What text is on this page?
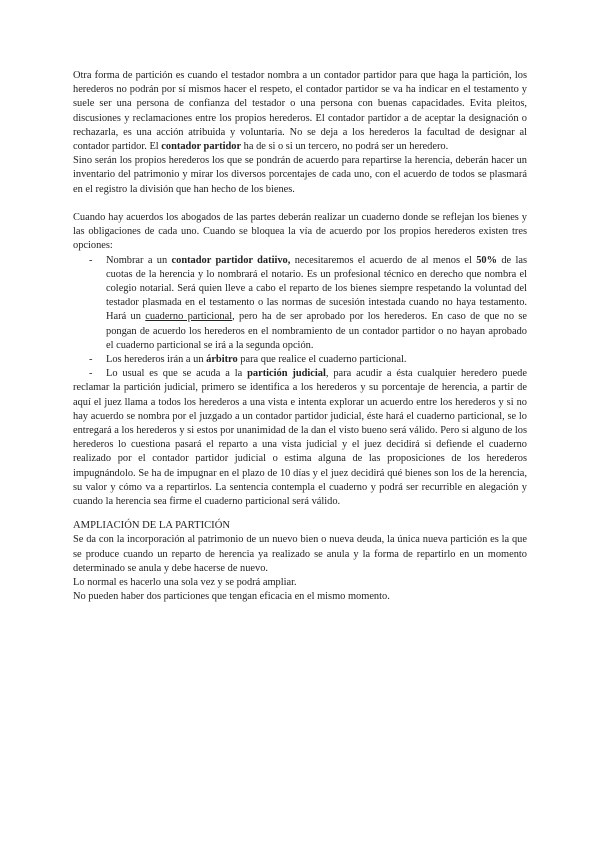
Otra forma de partición es cuando el testador nombra a un contador partidor para que haga la partición, los herederos no podrán por sí mismos hacer el respeto, el contador partidor se va ha indicar en el testamento y suele ser una persona de confianza del testador o una persona con buenas capacidades. Evita pleitos, discusiones y reclamaciones entre los propios herederos. El contador partidor a de aceptar la designación o rechazarla, es una acción atribuida y voluntaria. No se deja a los herederos la facultad de designar al contador partidor. El contador partidor ha de si o si un tercero, no podrá ser un heredero.

Sino serán los propios herederos los que se pondrán de acuerdo para repartirse la herencia, deberán hacer un inventario del patrimonio y mirar los diversos porcentajes de cada uno, con el acuerdo de todos se plasmará en el registro la división que han hecho de los bienes.

Cuando hay acuerdos los abogados de las partes deberán realizar un cuaderno donde se reflejan los bienes y las obligaciones de cada uno. Cuando se bloquea la vía de acuerdo por los propios herederos existen tres opciones:

- Nombrar a un contador partidor datiivo, necesitaremos el acuerdo de al menos el 50% de las cuotas de la herencia y lo nombrará el notario. Es un profesional técnico en derecho que nombra el colegio notarial. Será quien lleve a cabo el reparto de los bienes siempre respetando la voluntad del testador plasmada en el testamento o las normas de sucesión intestada cuando no haya testamento. Hará un cuaderno particional, pero ha de ser aprobado por los herederos. En caso de que no se pongan de acuerdo los herederos en el nombramiento de un contador partidor o no hayan aprobado el cuaderno particional se irá a la segunda opción.
- Los herederos irán a un árbitro para que realice el cuaderno particional.
- Lo usual es que se acuda a la partición judicial, para acudir a ésta cualquier heredero puede reclamar la partición judicial, primero se identifica a los herederos y su porcentaje de herencia, a partir de aquí el juez llama a todos los herederos a una vista e intenta explorar un acuerdo entre los herederos y si no hay acuerdo se nombra por el juzgado a un contador partidor judicial, éste hará el cuaderno particional, se lo entregará a los herederos y si estos por unanimidad de la dan el visto bueno será válido. Pero si alguno de los herederos lo cuestiona pasará el reparto a una vista judicial y el juez decidirá si defiende el cuaderno realizado por el contador partidor judicial o estima alguna de las proposiciones de los herederos impugnándolo. Se ha de impugnar en el plazo de 10 días y el juez decidirá qué bienes son los de la herencia, su valor y cómo va a repartirlos. La sentencia contempla el cuaderno y podrá ser recurrible en alegación y cuando la herencia sea firme el cuaderno particional será válido.

AMPLIACIÓN DE LA PARTICIÓN

Se da con la incorporación al patrimonio de un nuevo bien o nueva deuda, la única nueva partición es la que se produce cuando un reparto de herencia ya realizado se anula y la forma de repartirlo en un momento determinado se anula y debe hacerse de nuevo.

Lo normal es hacerlo una sola vez y se podrá ampliar.

No pueden haber dos particiones que tengan eficacia en el mismo momento.
